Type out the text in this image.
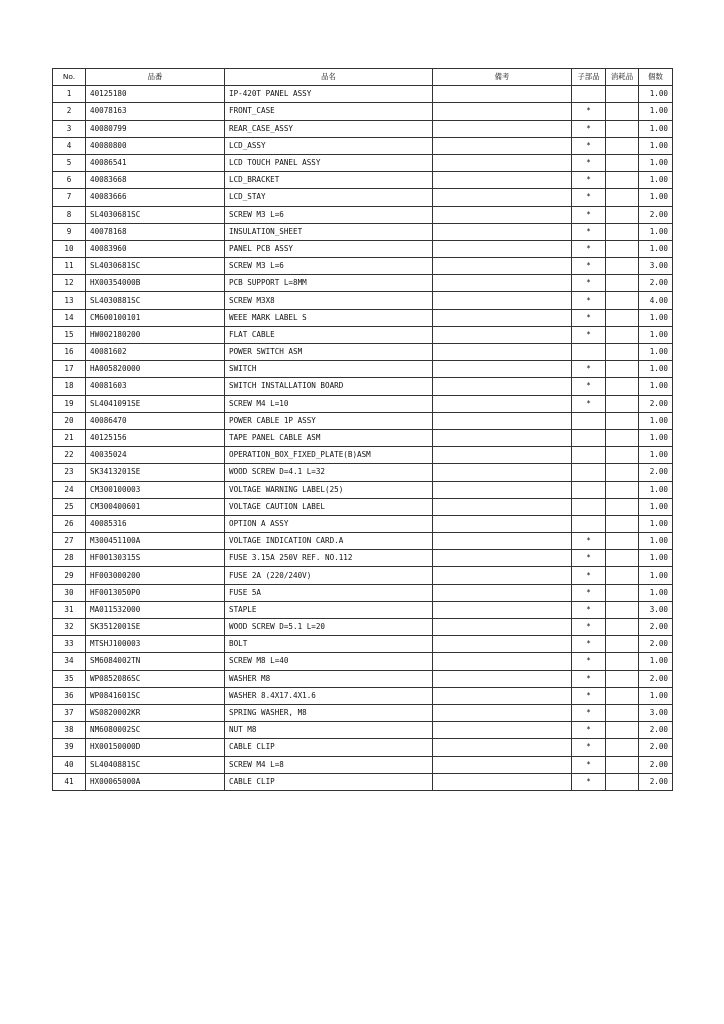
No.	品番	品名	備考	子部品	消耗品	個数
1	40125180	IP-420T PANEL ASSY				1.00
2	40078163	FRONT_CASE		*		1.00
3	40080799	REAR_CASE_ASSY		*		1.00
4	40080800	LCD_ASSY		*		1.00
5	40086541	LCD TOUCH PANEL ASSY		*		1.00
6	40083668	LCD_BRACKET		*		1.00
7	40083666	LCD_STAY		*		1.00
8	SL4030681SC	SCREW M3 L=6		*		2.00
9	40078168	INSULATION_SHEET		*		1.00
10	40083960	PANEL PCB ASSY		*		1.00
11	SL4030681SC	SCREW M3 L=6		*		3.00
12	HX00354000B	PCB SUPPORT L=8MM		*		2.00
13	SL4030881SC	SCREW M3X8		*		4.00
14	CM600100101	WEEE MARK LABEL S		*		1.00
15	HW002180200	FLAT CABLE		*		1.00
16	40081602	POWER SWITCH ASM				1.00
17	HA005820000	SWITCH		*		1.00
18	40081603	SWITCH INSTALLATION BOARD		*		1.00
19	SL4041091SE	SCREW M4 L=10		*		2.00
20	40086470	POWER CABLE 1P ASSY				1.00
21	40125156	TAPE PANEL CABLE ASM				1.00
22	40035024	OPERATION_BOX_FIXED_PLATE(B)ASM				1.00
23	SK3413201SE	WOOD SCREW D=4.1 L=32				2.00
24	CM300100003	VOLTAGE WARNING LABEL(25)				1.00
25	CM300400601	VOLTAGE CAUTION LABEL				1.00
26	40085316	OPTION A ASSY				1.00
27	M300451100A	VOLTAGE INDICATION CARD.A		*		1.00
28	HF00130315S	FUSE 3.15A 250V REF. NO.112		*		1.00
29	HF003000200	FUSE 2A (220/240V)		*		1.00
30	HF0013050P0	FUSE 5A		*		1.00
31	MA011532000	STAPLE		*		3.00
32	SK3512001SE	WOOD SCREW D=5.1 L=20		*		2.00
33	MTSHJ100003	BOLT		*		2.00
34	SM6084002TN	SCREW M8 L=40		*		1.00
35	WP0852086SC	WASHER M8		*		2.00
36	WP0841601SC	WASHER 8.4X17.4X1.6		*		1.00
37	WS0820002KR	SPRING WASHER, M8		*		3.00
38	NM6080002SC	NUT M8		*		2.00
39	HX00150000D	CABLE CLIP		*		2.00
40	SL4040881SC	SCREW M4 L=8		*		2.00
41	HX00065000A	CABLE CLIP		*		2.00
